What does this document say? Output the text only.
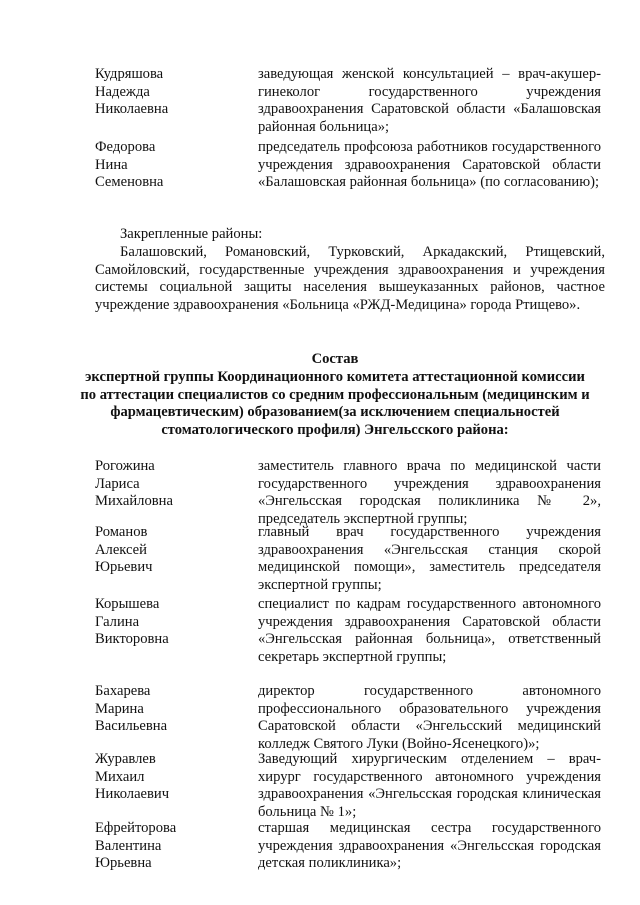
Кудряшова
Надежда
Николаевна
заведующая женской консультацией – врач-акушер-гинеколог государственного учреждения здравоохранения Саратовской области «Балашовская районная больница»;
Федорова
Нина
Семеновна
председатель профсоюза работников государственного учреждения здравоохранения Саратовской области «Балашовская районная больница» (по согласованию);
Закрепленные районы:
Балашовский, Романовский, Турковский, Аркадакский, Ртищевский, Самойловский, государственные учреждения здравоохранения и учреждения системы социальной защиты населения вышеуказанных районов, частное учреждение здравоохранения «Больница «РЖД-Медицина» города Ртищево».
Состав
экспертной группы Координационного комитета аттестационной комиссии по аттестации специалистов со средним профессиональным (медицинским и фармацевтическим) образованием(за исключением специальностей стоматологического профиля) Энгельсского района:
Рогожина
Лариса
Михайловна
заместитель главного врача по медицинской части государственного учреждения здравоохранения «Энгельсская городская поликлиника № 2», председатель экспертной группы;
Романов
Алексей
Юрьевич
главный врач государственного учреждения здравоохранения «Энгельсская станция скорой медицинской помощи», заместитель председателя экспертной группы;
Корышева
Галина
Викторовна
специалист по кадрам государственного автономного учреждения здравоохранения Саратовской области «Энгельсская районная больница», ответственный секретарь экспертной группы;
Бахарева
Марина
Васильевна
директор государственного автономного профессионального образовательного учреждения Саратовской области «Энгельсский медицинский колледж Святого Луки (Войно-Ясенецкого)»;
Журавлев
Михаил
Николаевич
Заведующий хирургическим отделением – врач-хирург государственного автономного учреждения здравоохранения «Энгельсская городская клиническая больница № 1»;
Ефрейторова
Валентина
Юрьевна
старшая медицинская сестра государственного учреждения здравоохранения «Энгельсская городская детская поликлиника»;
